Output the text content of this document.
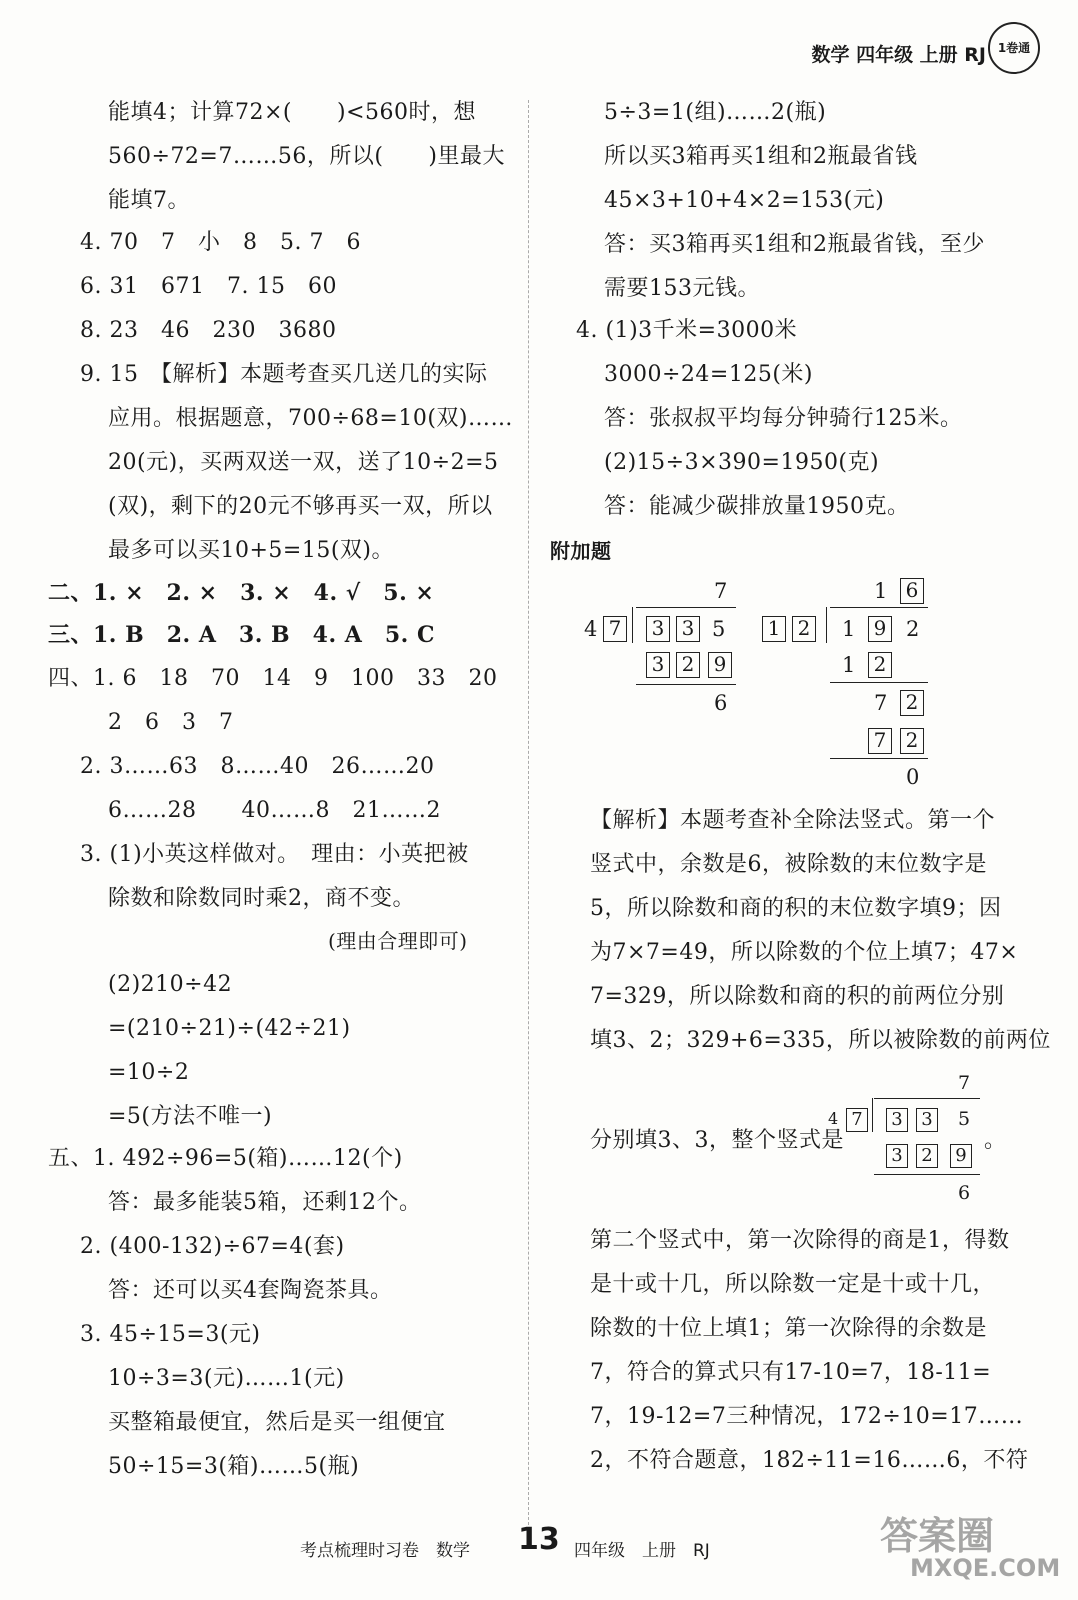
数学 四年级 上册 RJ 1卷通
能填4；计算72×(　　)<560时，想
560÷72=7……56，所以(　　)里最大
能填7。
4. 70　7　小　8　5. 7　6
6. 31　671　7. 15　60
8. 23　46　230　3680
9. 15　【解析】本题考查买几送几的实际
应用。根据题意，700÷68=10(双)……
20(元)，买两双送一双，送了10÷2=5
(双)，剩下的20元不够再买一双，所以
最多可以买10+5=15(双)。
二、1. ×　2. ×　3. ×　4. √　5. ×
三、1. B　2. A　3. B　4. A　5. C
四、1. 6　18　70　14　9　100　33　20
2　6　3　7
2. 3……63　8……40　26……20
6……28　　40……8　21……2
3. (1)小英这样做对。　理由：小英把被
除数和除数同时乘2，商不变。
(理由合理即可)
(2)210÷42
=(210÷21)÷(42÷21)
=10÷2
=5(方法不唯一)
五、1. 492÷96=5(箱)……12(个)
答：最多能装5箱，还剩12个。
2. (400-132)÷67=4(套)
答：还可以买4套陶瓷茶具。
3. 45÷15=3(元)
10÷3=3(元)……1(元)
买整箱最便宜，然后是买一组便宜
50÷15=3(箱)……5(瓶)
5÷3=1(组)……2(瓶)
所以买3箱再买1组和2瓶最省钱
45×3+10+4×2=153(元)
答：买3箱再买1组和2瓶最省钱，至少
需要153元钱。
4. (1)3千米=3000米
3000÷24=125(米)
答：张叔叔平均每分钟骑行125米。
(2)15÷3×390=1950(克)
答：能减少碳排放量1950克。
附加题
7
4 7 3 3 5
3 2 9
6
1 6
1 2 1 9 2
1 2
7 2
7 2
0
【解析】本题考查补全除法竖式。第一个
竖式中，余数是6，被除数的末位数字是
5，所以除数和商的积的末位数字填9；因
为7×7=49，所以除数的个位上填7；47×
7=329，所以除数和商的积的前两位分别
填3、2；329+6=335，所以被除数的前两位
分别填3、3，整个竖式是	。
第二个竖式中，第一次除得的商是1，得数
是十或十几，所以除数一定是十或十几，
除数的十位上填1；第一次除得的余数是
7，符合的算式只有17-10=7，18-11=
7，19-12=7三种情况，172÷10=17……
2，不符合题意，182÷11=16……6，不符
7
4 7 3 3 5
3 2 9
6
考点梳理时习卷　数学 13 四年级　上册　RJ	答案圈
MXQE.COM
